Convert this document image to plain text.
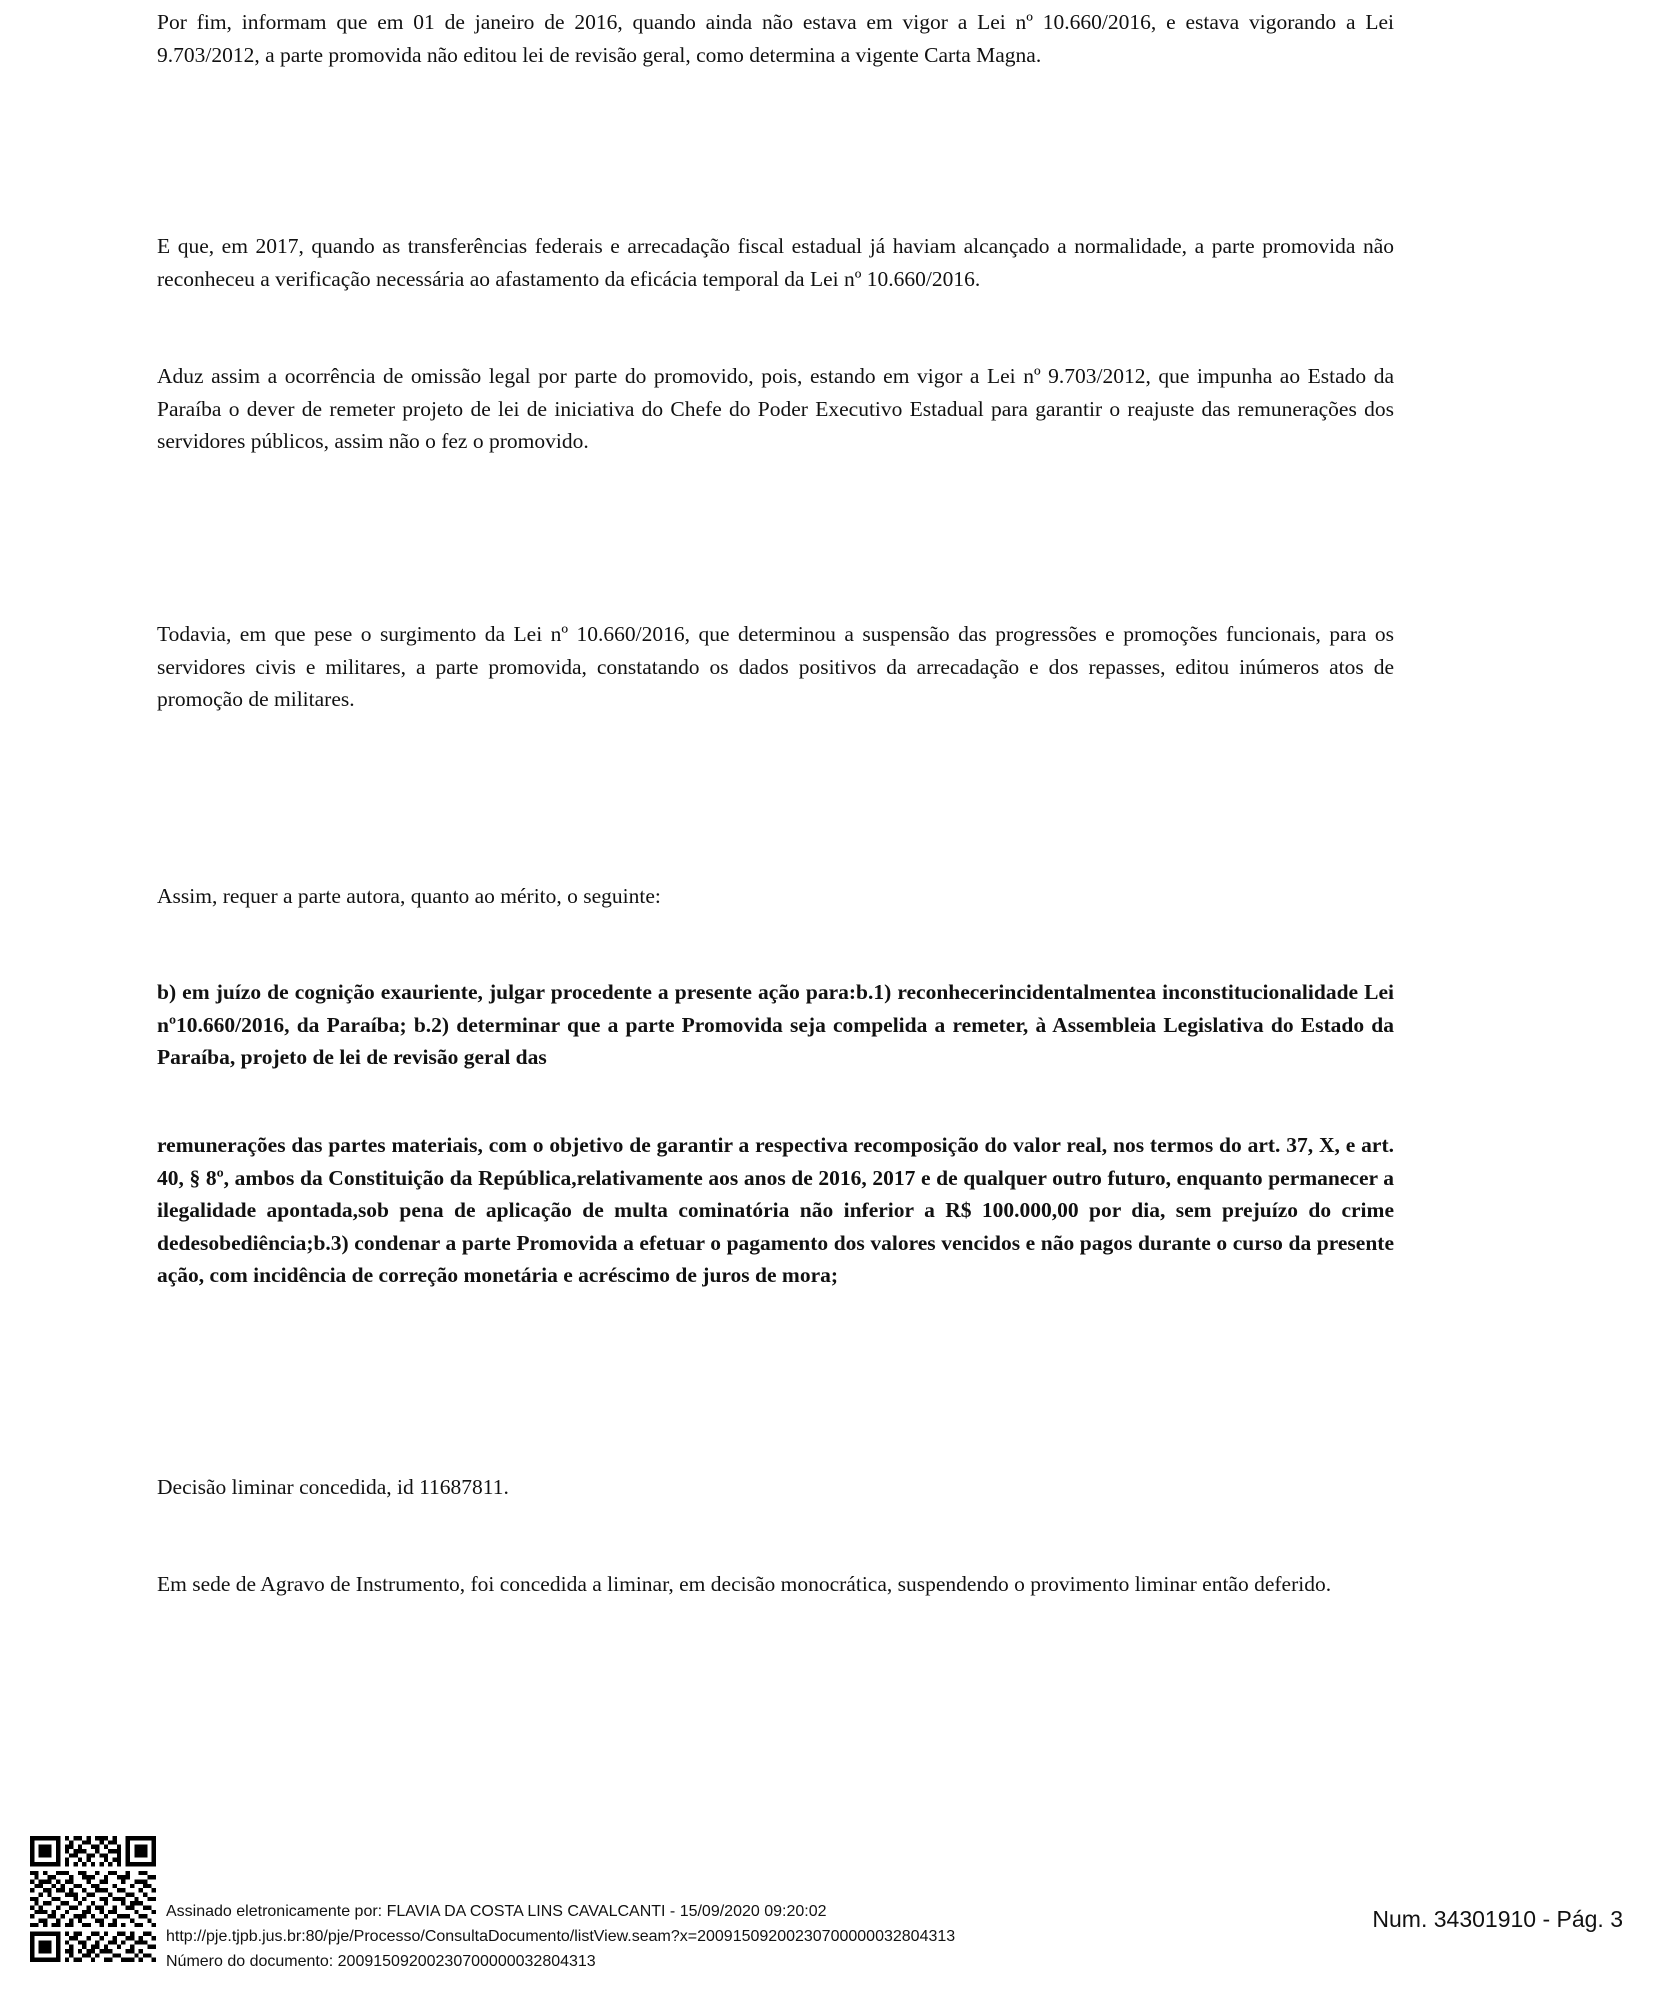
Por fim, informam que em 01 de janeiro de 2016, quando ainda não estava em vigor a Lei nº 10.660/2016, e estava vigorando a Lei 9.703/2012, a parte promovida não editou lei de revisão geral, como determina a vigente Carta Magna.

E que, em 2017, quando as transferências federais e arrecadação fiscal estadual já haviam alcançado a normalidade, a parte promovida não reconheceu a verificação necessária ao afastamento da eficácia temporal da Lei nº 10.660/2016.

Aduz assim a ocorrência de omissão legal por parte do promovido, pois, estando em vigor a Lei nº 9.703/2012, que impunha ao Estado da Paraíba o dever de remeter projeto de lei de iniciativa do Chefe do Poder Executivo Estadual para garantir o reajuste das remunerações dos servidores públicos, assim não o fez o promovido.

Todavia, em que pese o surgimento da Lei nº 10.660/2016, que determinou a suspensão das progressões e promoções funcionais, para os servidores civis e militares, a parte promovida, constatando os dados positivos da arrecadação e dos repasses, editou inúmeros atos de promoção de militares.

Assim, requer a parte autora, quanto ao mérito, o seguinte:

b) em juízo de cognição exauriente, julgar procedente a presente ação para:b.1) reconhecerincidentalmentea inconstitucionalidade Lei nº10.660/2016, da Paraíba; b.2) determinar que a parte Promovida seja compelida a remeter, à Assembleia Legislativa do Estado da Paraíba, projeto de lei de revisão geral das

remunerações das partes materiais, com o objetivo de garantir a respectiva recomposição do valor real, nos termos do art. 37, X, e art. 40, § 8º, ambos da Constituição da República,relativamente aos anos de 2016, 2017 e de qualquer outro futuro, enquanto permanecer a ilegalidade apontada,sob pena de aplicação de multa cominatória não inferior a R$ 100.000,00 por dia, sem prejuízo do crime dedesobediência;b.3) condenar a parte Promovida a efetuar o pagamento dos valores vencidos e não pagos durante o curso da presente ação, com incidência de correção monetária e acréscimo de juros de mora;

Decisão liminar concedida, id 11687811.

Em sede de Agravo de Instrumento, foi concedida a liminar, em decisão monocrática, suspendendo o provimento liminar então deferido.

Assinado eletronicamente por: FLAVIA DA COSTA LINS CAVALCANTI - 15/09/2020 09:20:02
http://pje.tjpb.jus.br:80/pje/Processo/ConsultaDocumento/listView.seam?x=20091509200230700000032804313
Número do documento: 20091509200230700000032804313
Num. 34301910 - Pág. 3
